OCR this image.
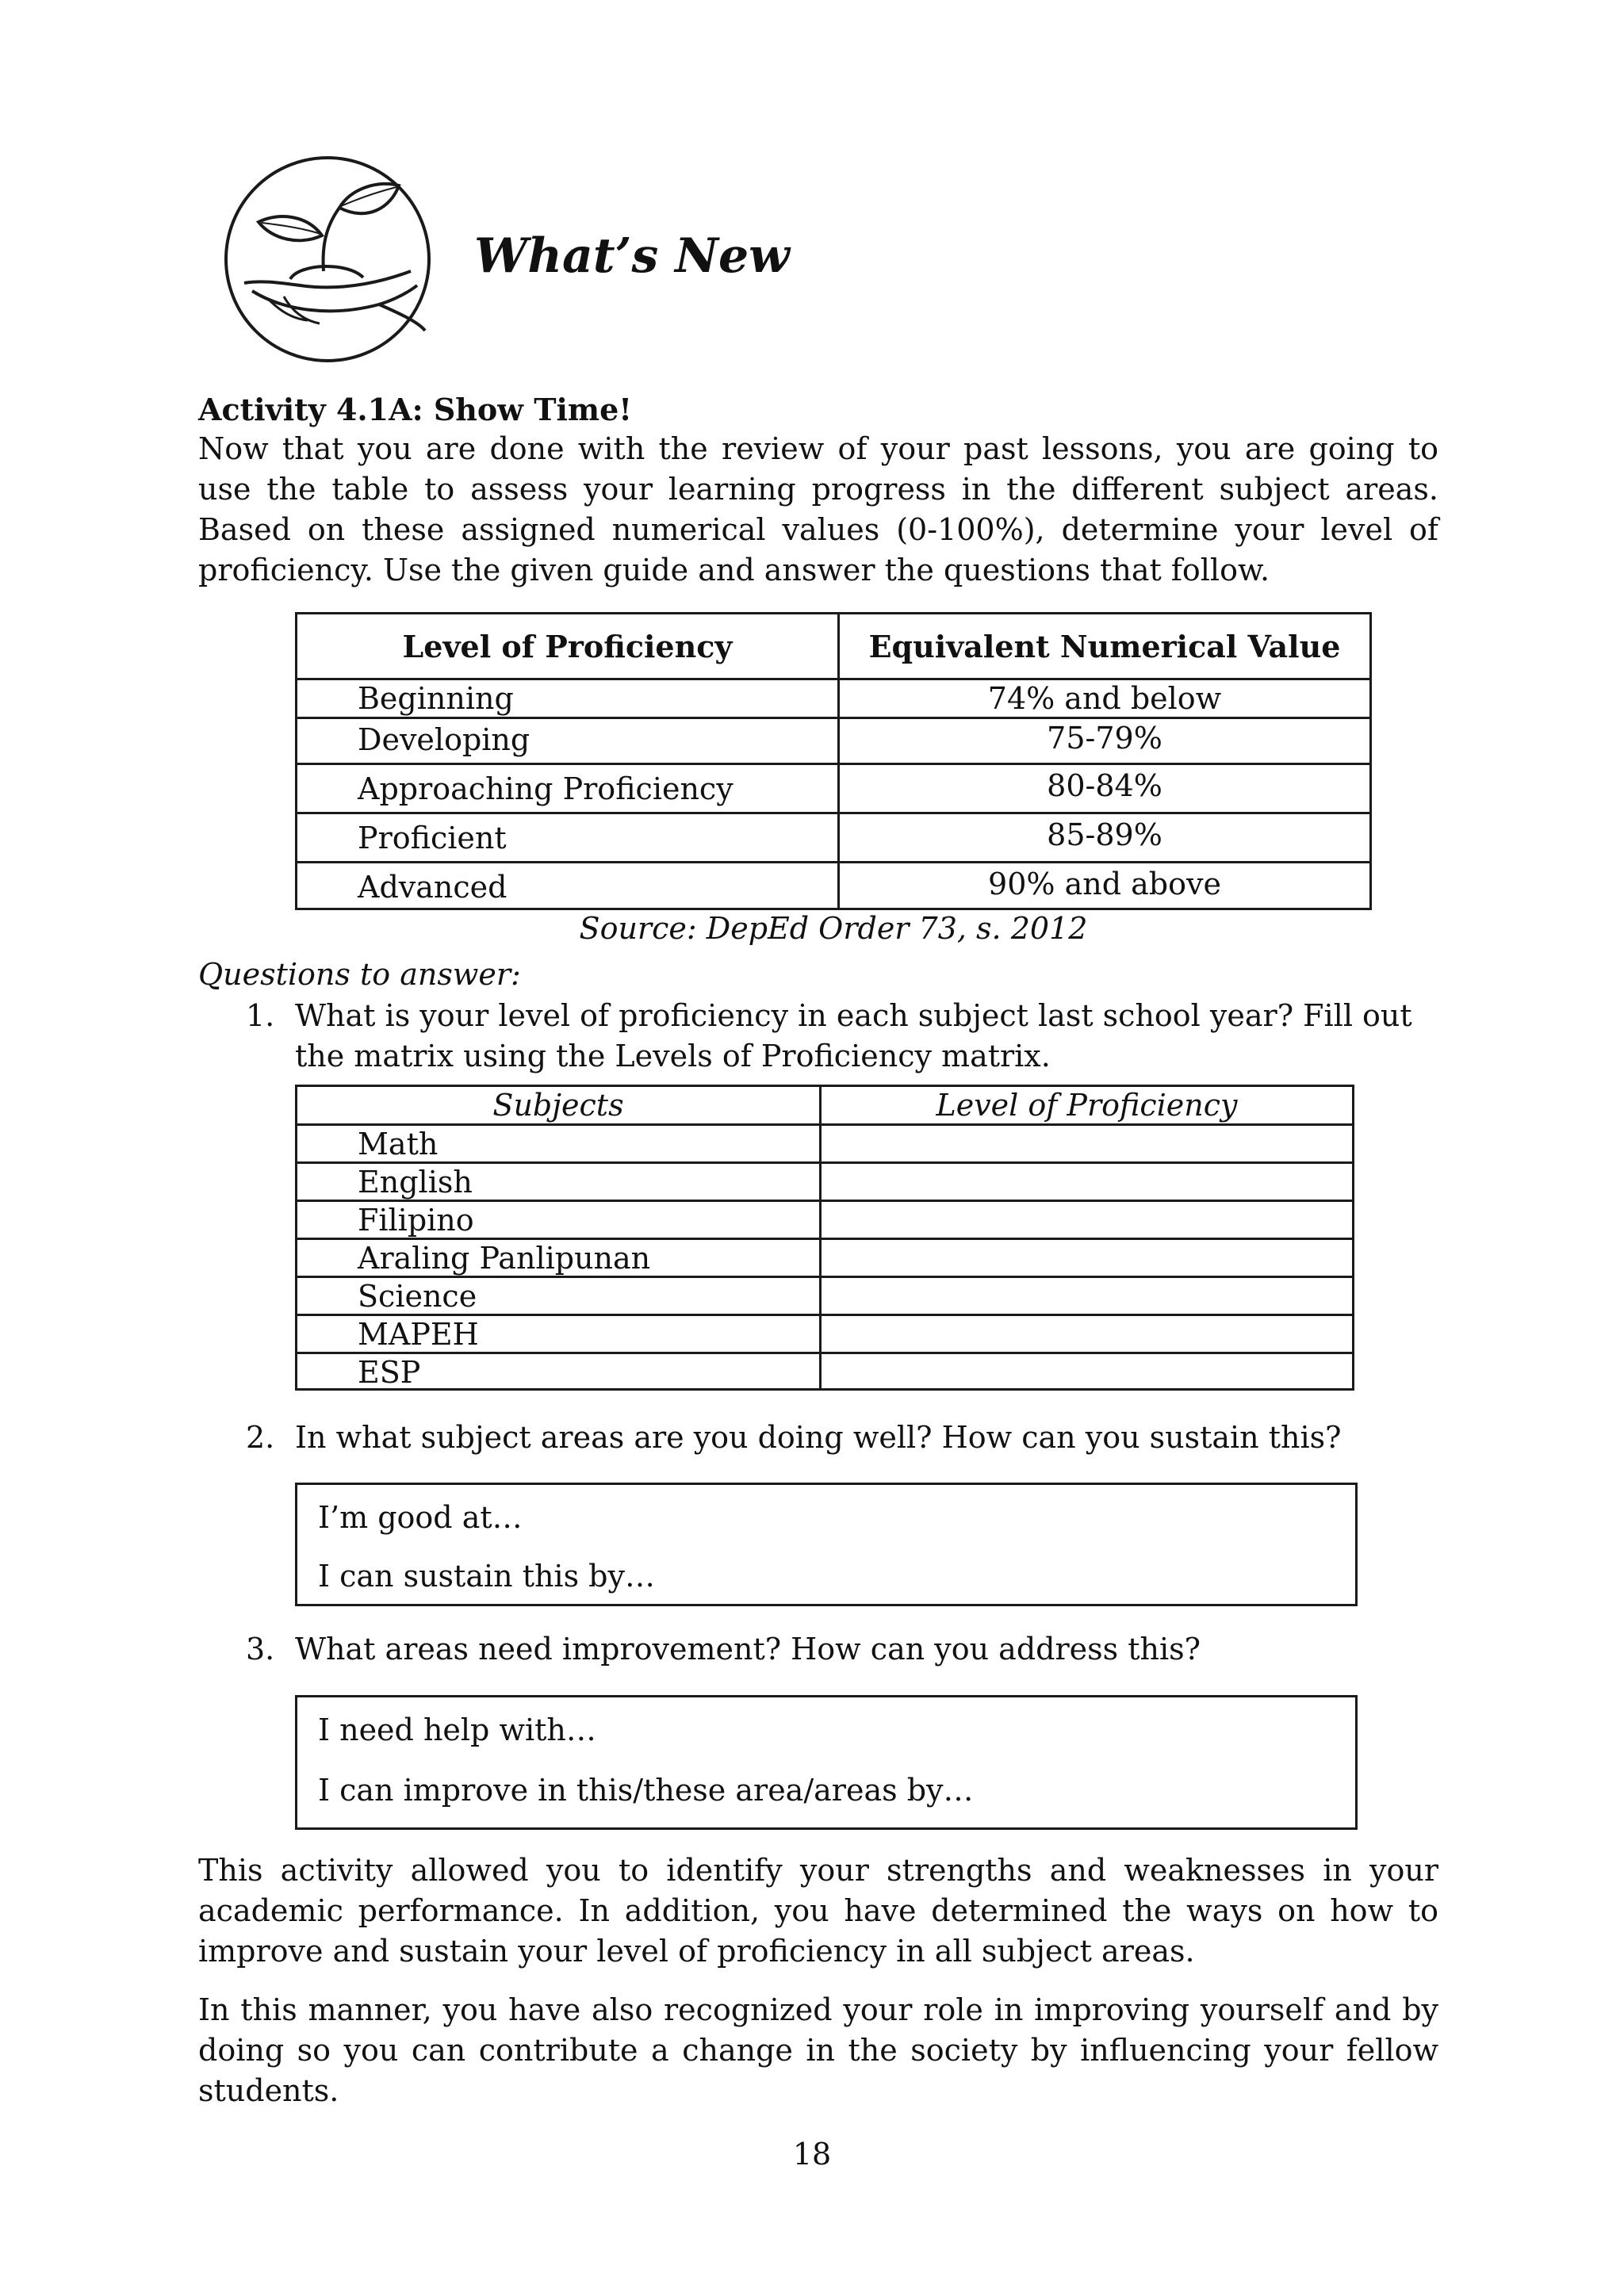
What’s New

Activity 4.1A: Show Time!

Now that you are done with the review of your past lessons, you are going to use the table to assess your learning progress in the different subject areas. Based on these assigned numerical values (0-100%), determine your level of proficiency. Use the given guide and answer the questions that follow.

Level of Proficiency	Equivalent Numerical Value
Beginning	74% and below
Developing	75-79%
Approaching Proficiency	80-84%
Proficient	85-89%
Advanced	90% and above

Source: DepEd Order 73, s. 2012

Questions to answer:

1. What is your level of proficiency in each subject last school year? Fill out the matrix using the Levels of Proficiency matrix.

Subjects	Level of Proficiency
Math
English
Filipino
Araling Panlipunan
Science
MAPEH
ESP

2. In what subject areas are you doing well? How can you sustain this?

I’m good at…

I can sustain this by…

3. What areas need improvement? How can you address this?

I need help with…

I can improve in this/these area/areas by…

This activity allowed you to identify your strengths and weaknesses in your academic performance. In addition, you have determined the ways on how to improve and sustain your level of proficiency in all subject areas.

In this manner, you have also recognized your role in improving yourself and by doing so you can contribute a change in the society by influencing your fellow students.

18
